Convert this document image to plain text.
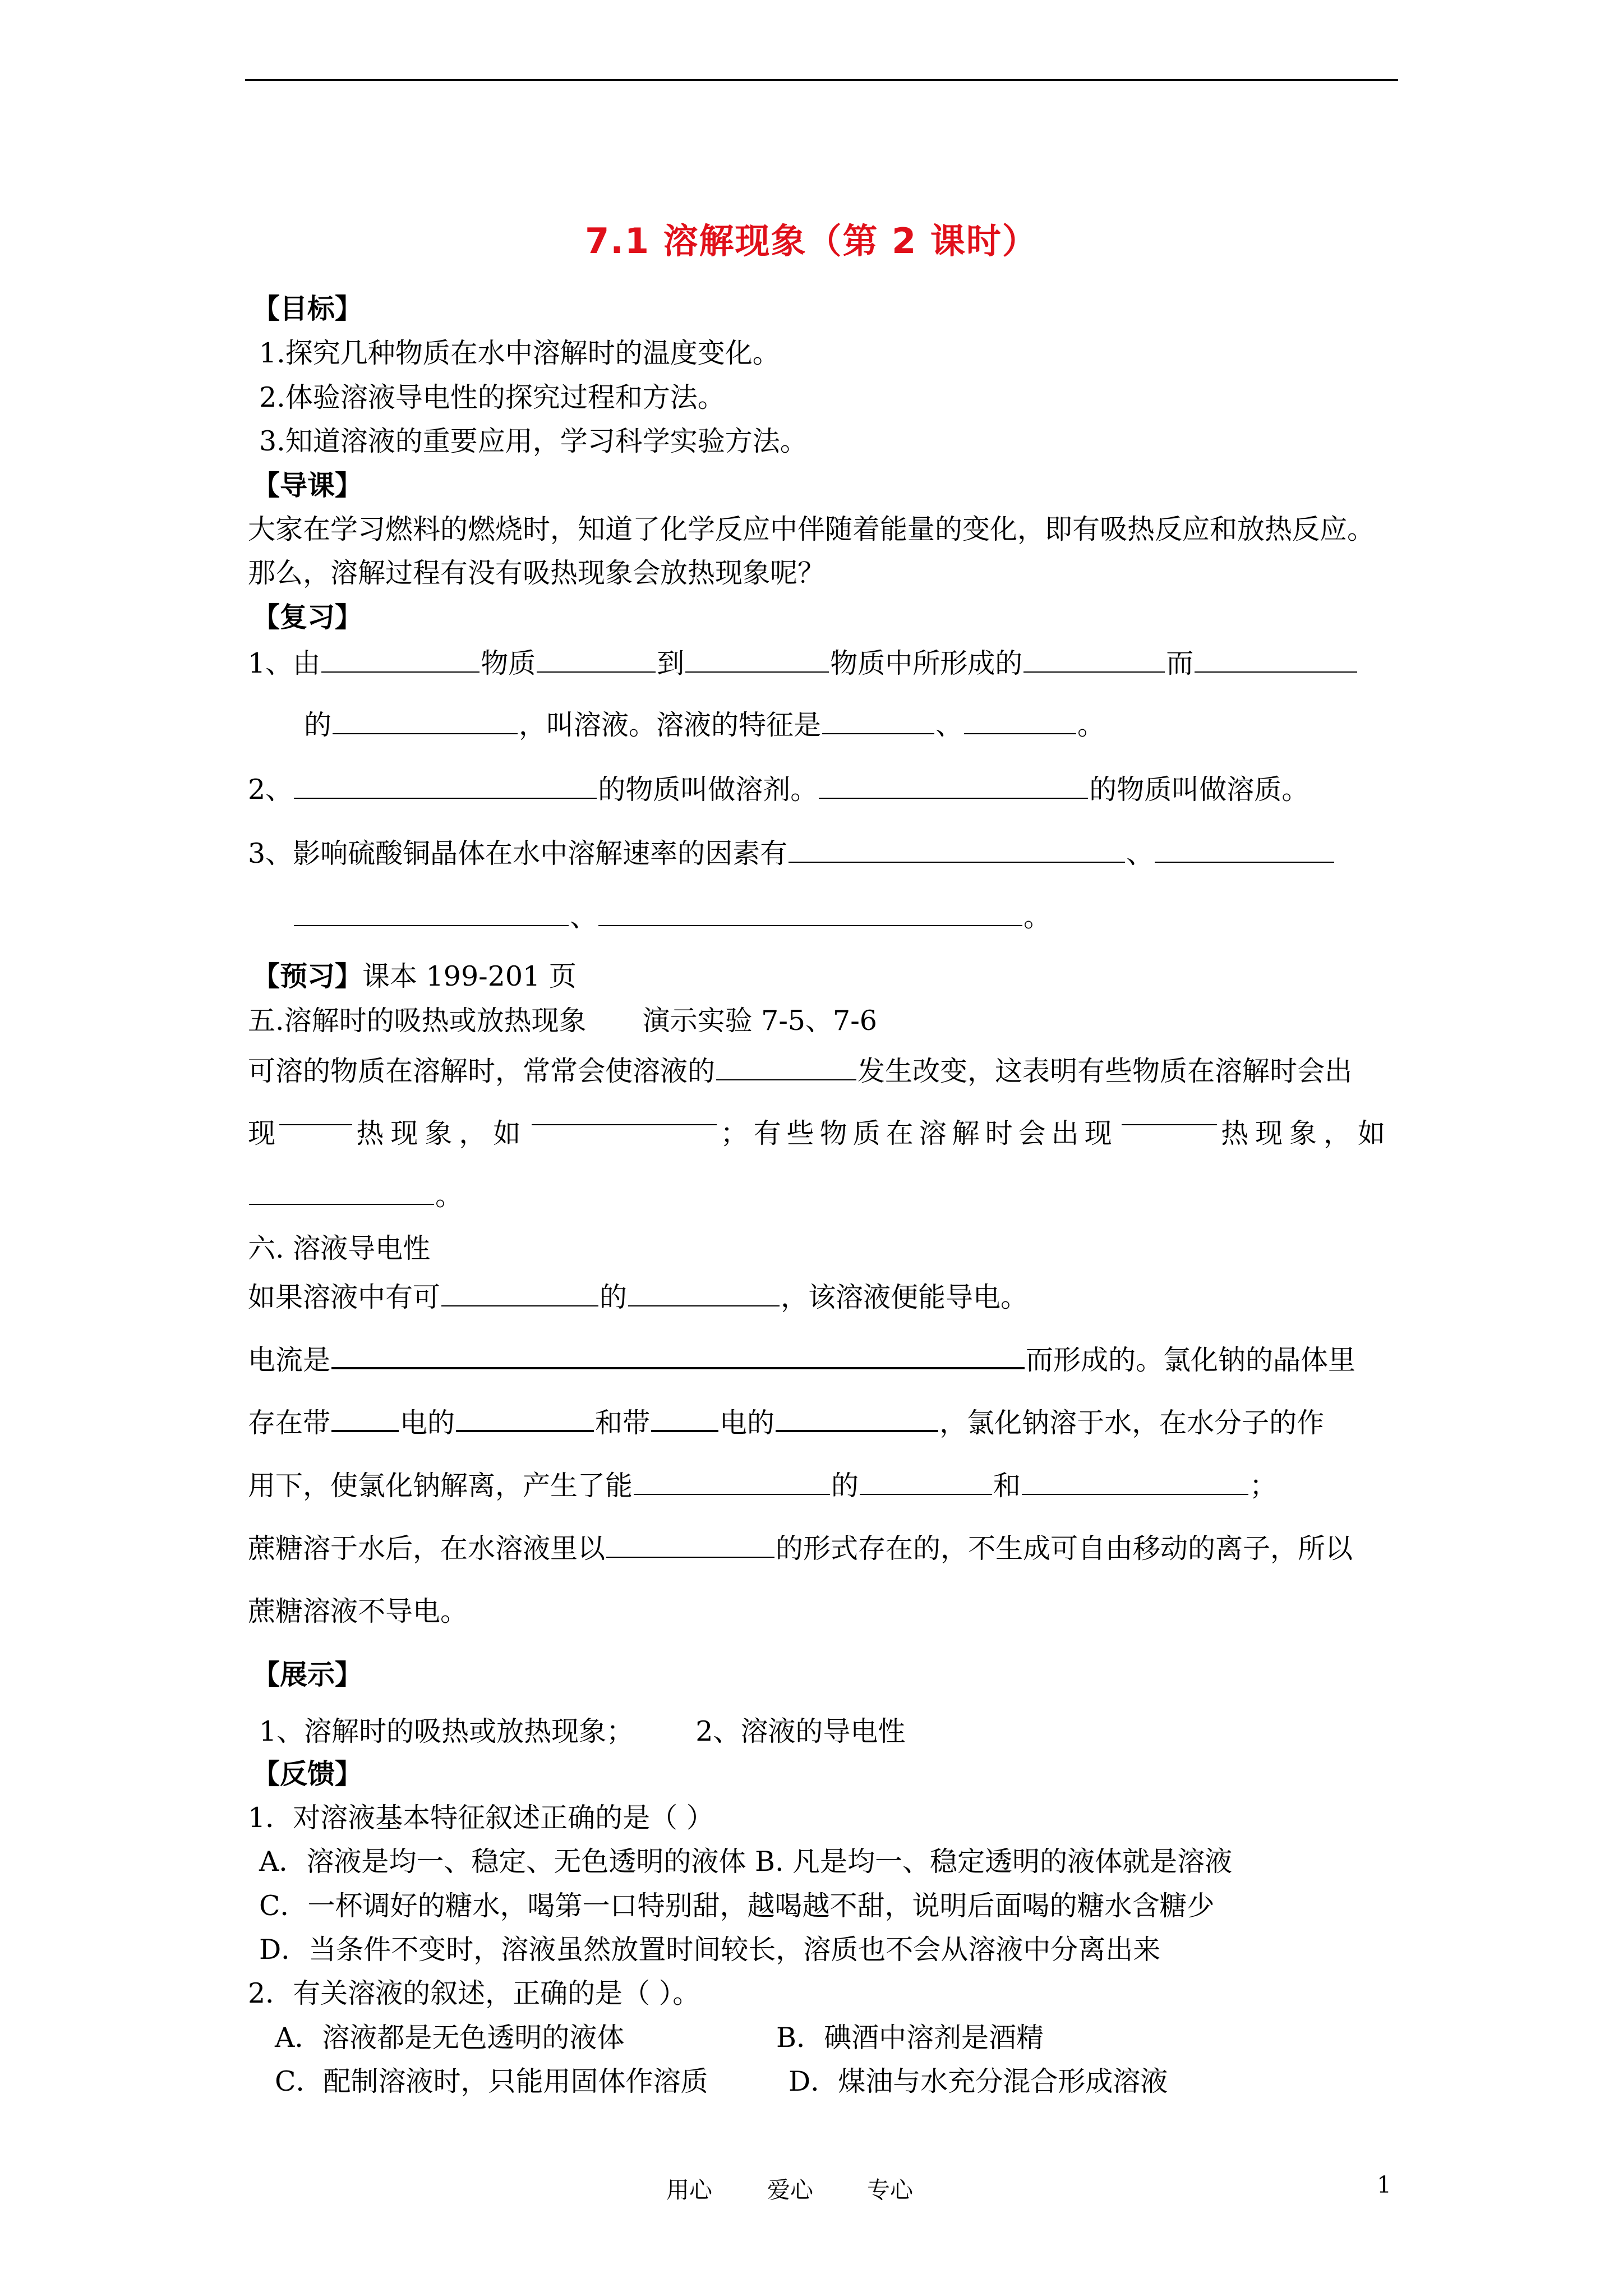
7.1 溶解现象（第 2 课时）
【目标】
1.探究几种物质在水中溶解时的温度变化。
2.体验溶液导电性的探究过程和方法。
3.知道溶液的重要应用，学习科学实验方法。
【导课】
大家在学习燃料的燃烧时，知道了化学反应中伴随着能量的变化，即有吸热反应和放热反应。
那么，溶解过程有没有吸热现象会放热现象呢？
【复习】
1、由	物质	到	物质中所形成的	而
的	，叫溶液。溶液的特征是	、	。
2、	的物质叫做溶剂。	的物质叫做溶质。
3、影响硫酸铜晶体在水中溶解速率的因素有	、
、	。
【预习】课本 199-201 页
五.溶解时的吸热或放热现象 演示实验 7-5、7-6
可溶的物质在溶解时，常常会使溶液的	发生改变，这表明有些物质在溶解时会出
现	热现象，如	；有些物质在溶解时会出现	热现象，如
。
六. 溶液导电性
如果溶液中有可	的	，该溶液便能导电。
电流是	而形成的。氯化钠的晶体里
存在带	电的	和带	电的	，氯化钠溶于水，在水分子的作
用下，使氯化钠解离，产生了能	的	和	；
蔗糖溶于水后，在水溶液里以	的形式存在的，不生成可自由移动的离子，所以
蔗糖溶液不导电。
【展示】
1、溶解时的吸热或放热现象； 2、溶液的导电性
【反馈】
1．对溶液基本特征叙述正确的是（ ）
A．溶液是均一、稳定、无色透明的液体 B. 凡是均一、稳定透明的液体就是溶液
C．一杯调好的糖水，喝第一口特别甜，越喝越不甜，说明后面喝的糖水含糖少
D．当条件不变时，溶液虽然放置时间较长，溶质也不会从溶液中分离出来
2．有关溶液的叙述，正确的是（ ）。
A．溶液都是无色透明的液体	B．碘酒中溶剂是酒精
C．配制溶液时，只能用固体作溶质	D．煤油与水充分混合形成溶液
用心 爱心 专心	1
